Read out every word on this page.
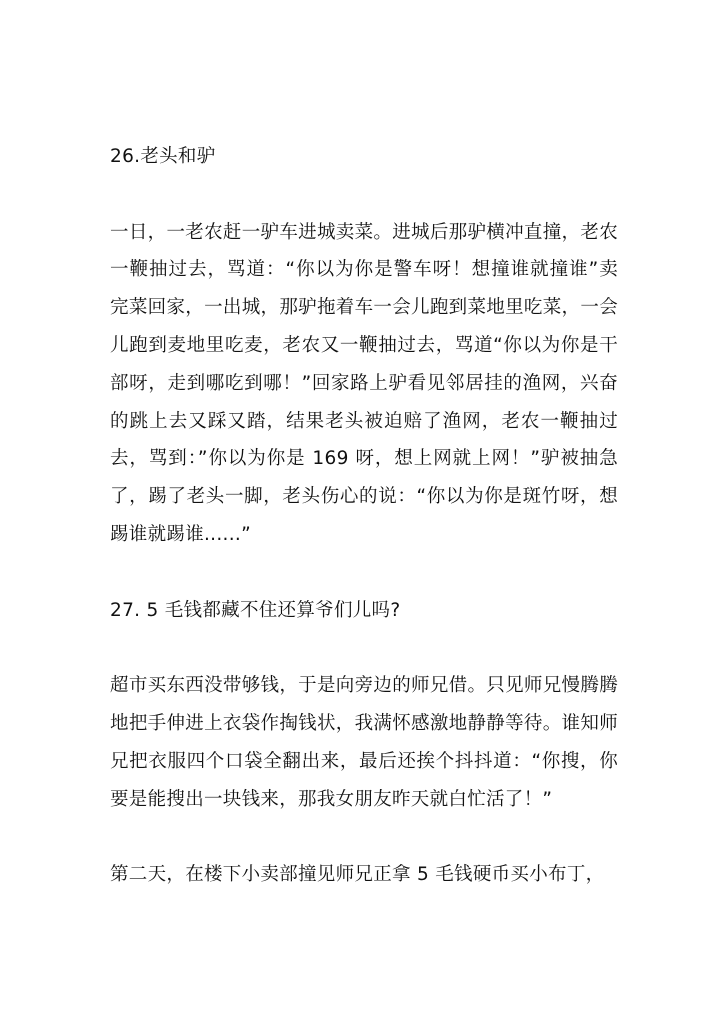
26.老头和驴
一日，一老农赶一驴车进城卖菜。进城后那驴横冲直撞，老农一鞭抽过去，骂道：“你以为你是警车呀！想撞谁就撞谁”卖完菜回家，一出城，那驴拖着车一会儿跑到菜地里吃菜，一会儿跑到麦地里吃麦，老农又一鞭抽过去，骂道“你以为你是干部呀，走到哪吃到哪！”回家路上驴看见邻居挂的渔网，兴奋的跳上去又踩又踏，结果老头被迫赔了渔网，老农一鞭抽过去，骂到：”你以为你是 169 呀，想上网就上网！”驴被抽急了，踢了老头一脚，老头伤心的说：“你以为你是斑竹呀，想踢谁就踢谁......”
27. 5 毛钱都藏不住还算爷们儿吗?
超市买东西没带够钱，于是向旁边的师兄借。只见师兄慢腾腾地把手伸进上衣袋作掏钱状，我满怀感激地静静等待。谁知师兄把衣服四个口袋全翻出来，最后还挨个抖抖道：“你搜，你要是能搜出一块钱来，那我女朋友昨天就白忙活了！”
第二天，在楼下小卖部撞见师兄正拿 5 毛钱硬币买小布丁，
